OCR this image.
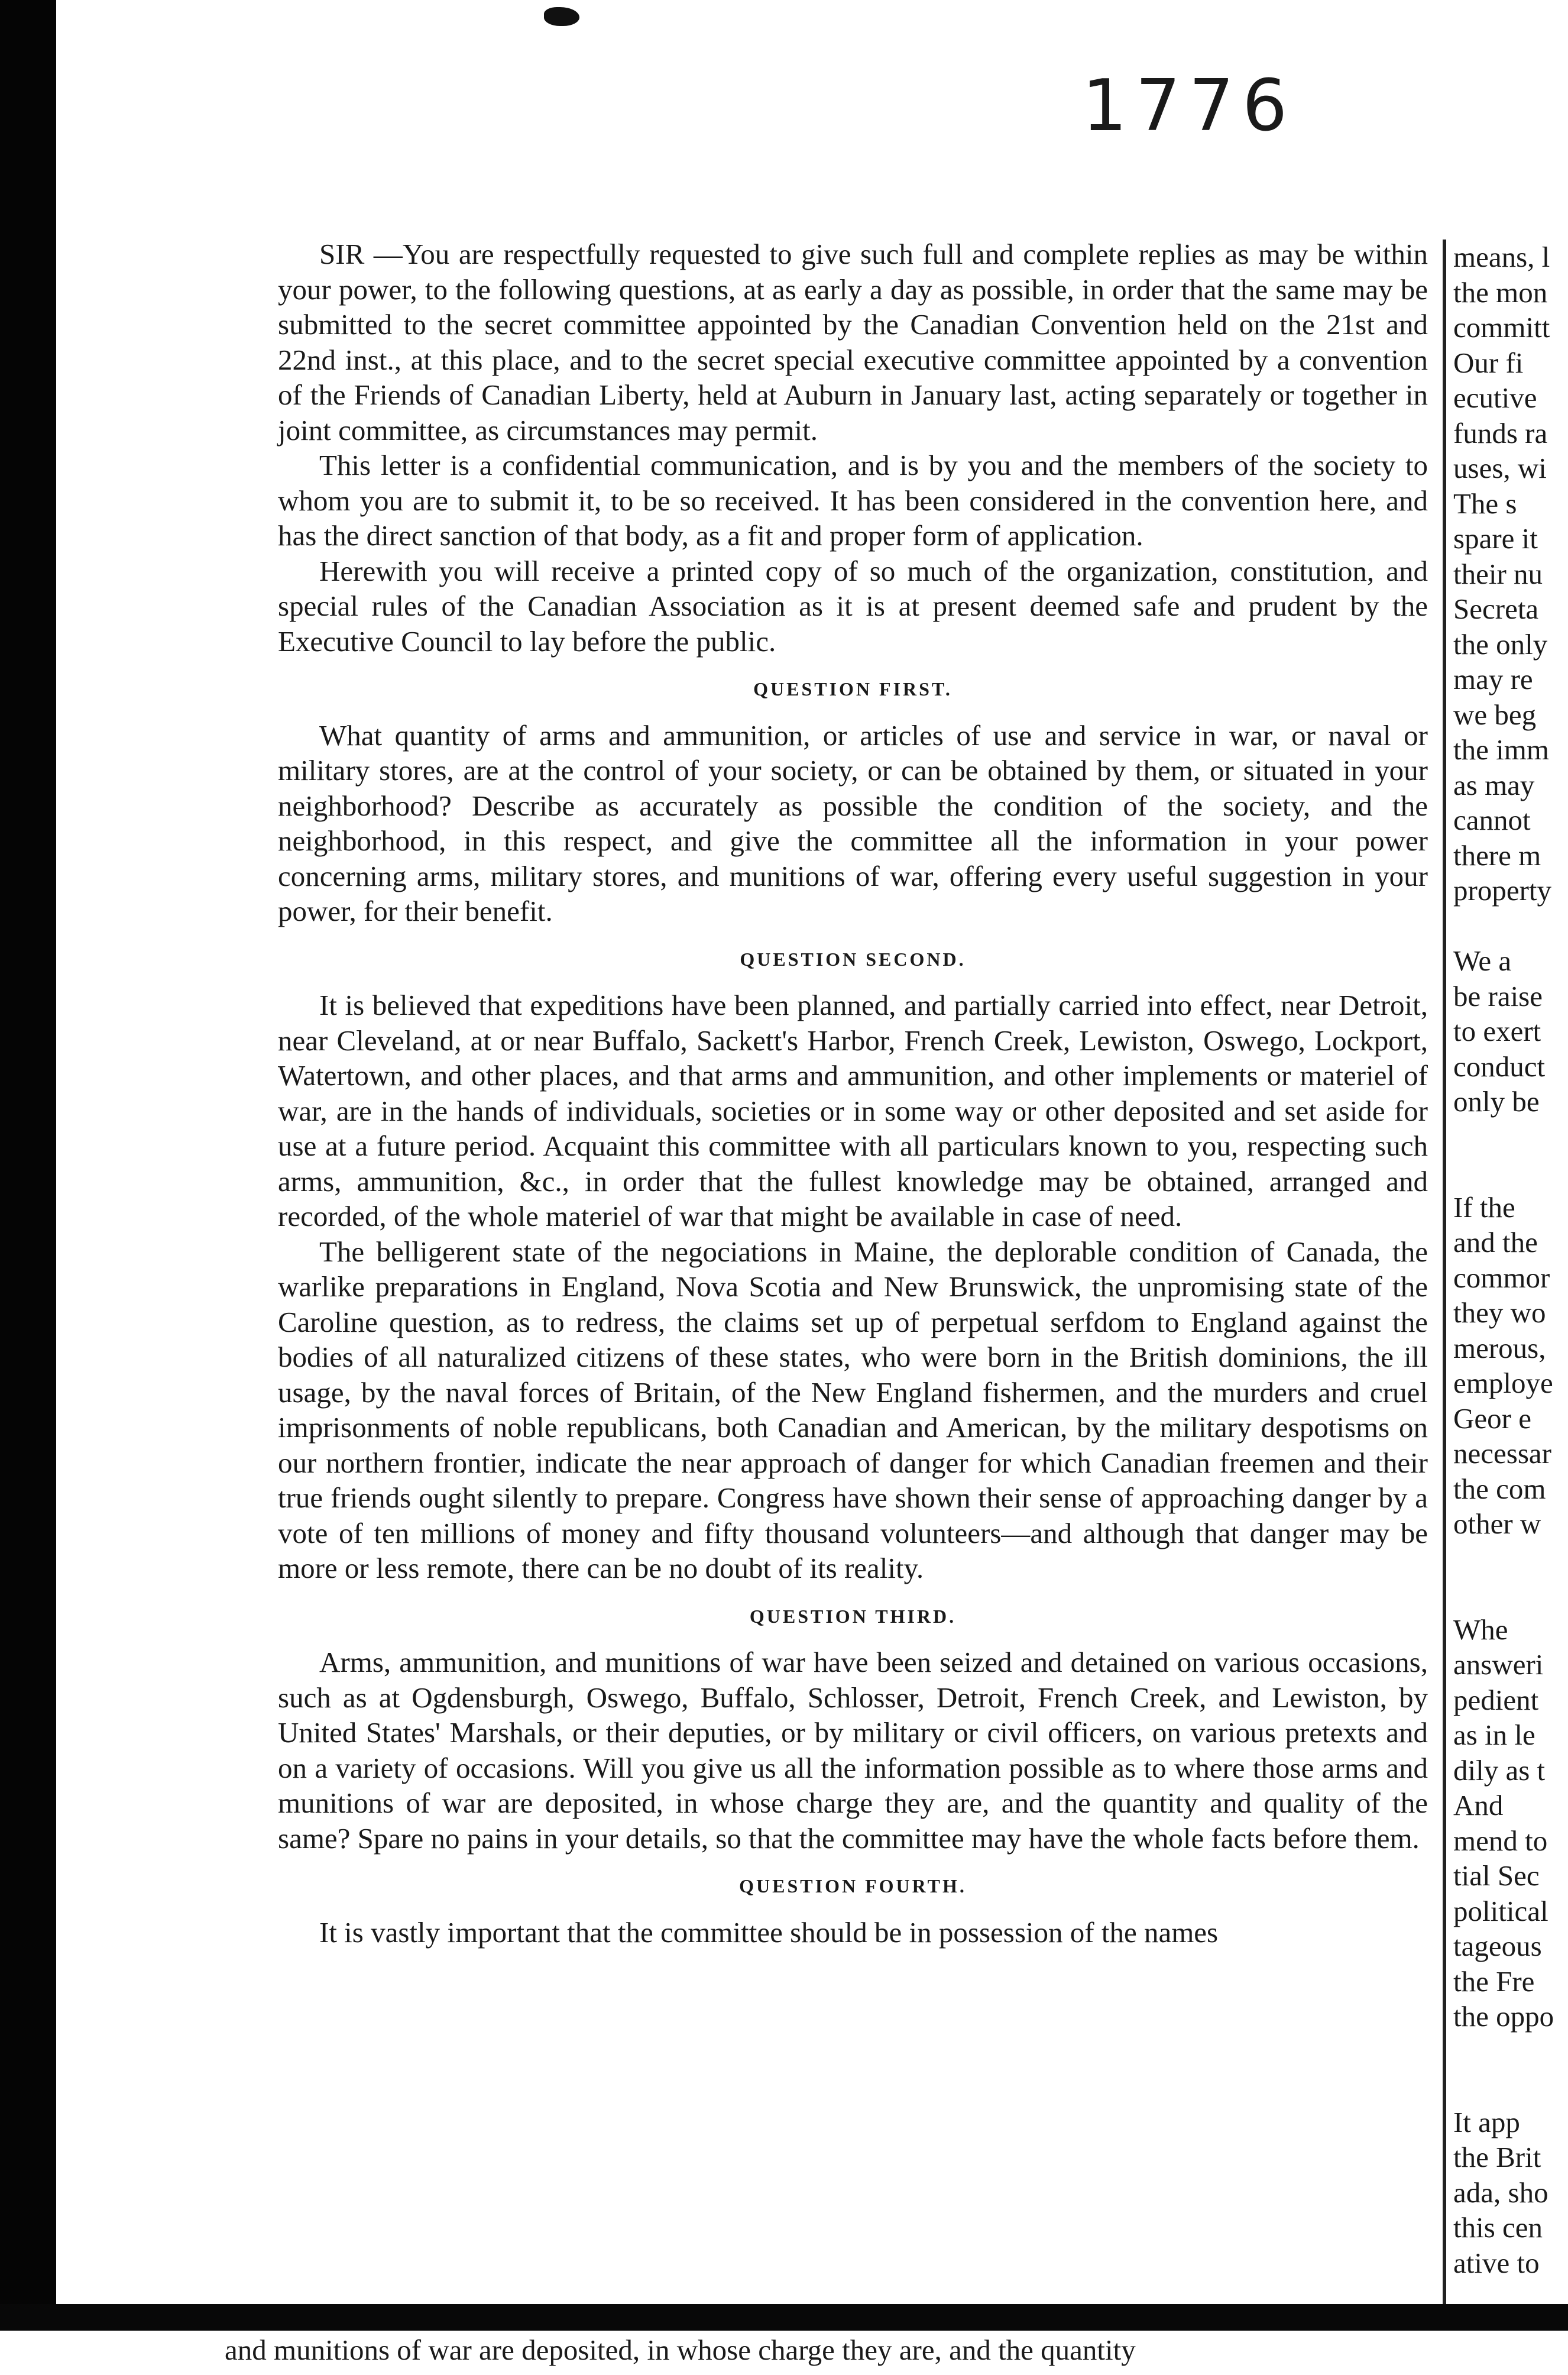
1776

SIR —You are respectfully requested to give such full and complete replies as may be within your power, to the following questions, at as early a day as possible, in order that the same may be submitted to the secret committee appointed by the Canadian Convention held on the 21st and 22nd inst., at this place, and to the secret special executive committee appointed by a convention of the Friends of Canadian Liberty, held at Auburn in January last, acting separately or together in joint committee, as circumstances may permit.

This letter is a confidential communication, and is by you and the members of the society to whom you are to submit it, to be so received. It has been considered in the convention here, and has the direct sanction of that body, as a fit and proper form of application.

Herewith you will receive a printed copy of so much of the organization, constitution, and special rules of the Canadian Association as it is at present deemed safe and prudent by the Executive Council to lay before the public.

QUESTION FIRST.

What quantity of arms and ammunition, or articles of use and service in war, or naval or military stores, are at the control of your society, or can be obtained by them, or situated in your neighborhood? Describe as accurately as possible the condition of the society, and the neighborhood, in this respect, and give the committee all the information in your power concerning arms, military stores, and munitions of war, offering every useful suggestion in your power, for their benefit.

QUESTION SECOND.

It is believed that expeditions have been planned, and partially carried into effect, near Detroit, near Cleveland, at or near Buffalo, Sackett's Harbor, French Creek, Lewiston, Oswego, Lockport, Watertown, and other places, and that arms and ammunition, and other implements or materiel of war, are in the hands of individuals, societies or in some way or other deposited and set aside for use at a future period. Acquaint this committee with all particulars known to you, respecting such arms, ammunition, &c., in order that the fullest knowledge may be obtained, arranged and recorded, of the whole materiel of war that might be available in case of need.

The belligerent state of the negociations in Maine, the deplorable condition of Canada, the warlike preparations in England, Nova Scotia and New Brunswick, the unpromising state of the Caroline question, as to redress, the claims set up of perpetual serfdom to England against the bodies of all naturalized citizens of these states, who were born in the British dominions, the ill usage, by the naval forces of Britain, of the New England fishermen, and the murders and cruel imprisonments of noble republicans, both Canadian and American, by the military despotisms on our northern frontier, indicate the near approach of danger for which Canadian freemen and their true friends ought silently to prepare. Congress have shown their sense of approaching danger by a vote of ten millions of money and fifty thousand volunteers—and although that danger may be more or less remote, there can be no doubt of its reality.

QUESTION THIRD.

Arms, ammunition, and munitions of war have been seized and detained on various occasions, such as at Ogdensburgh, Oswego, Buffalo, Schlosser, Detroit, French Creek, and Lewiston, by United States' Marshals, or their deputies, or by military or civil officers, on various pretexts and on a variety of occasions. Will you give us all the information possible as to where those arms and munitions of war are deposited, in whose charge they are, and the quantity and quality of the same? Spare no pains in your details, so that the committee may have the whole facts before them.

QUESTION FOURTH.

It is vastly important that the committee should be in possession of the names

means, l
the mon
committ
Our fi
ecutive
funds ra
uses, wi
The s
spare it
their nu
Secreta
the only
may re
we beg
the imm
as may
cannot
there m
property
We a
be raise
to exert
conduct
only be
If the
and the
commor
they wo
merous,
employe
Geor e
necessar
the com
other w
Whe
answeri
pedient
as in le
dily as t
And
mend to
tial Sec
political
tageous
the Fre
the oppo
It app
the Brit
ada, sho
this cen
ative to
and munitions of war are deposited, in whose charge they are, and the quantity
